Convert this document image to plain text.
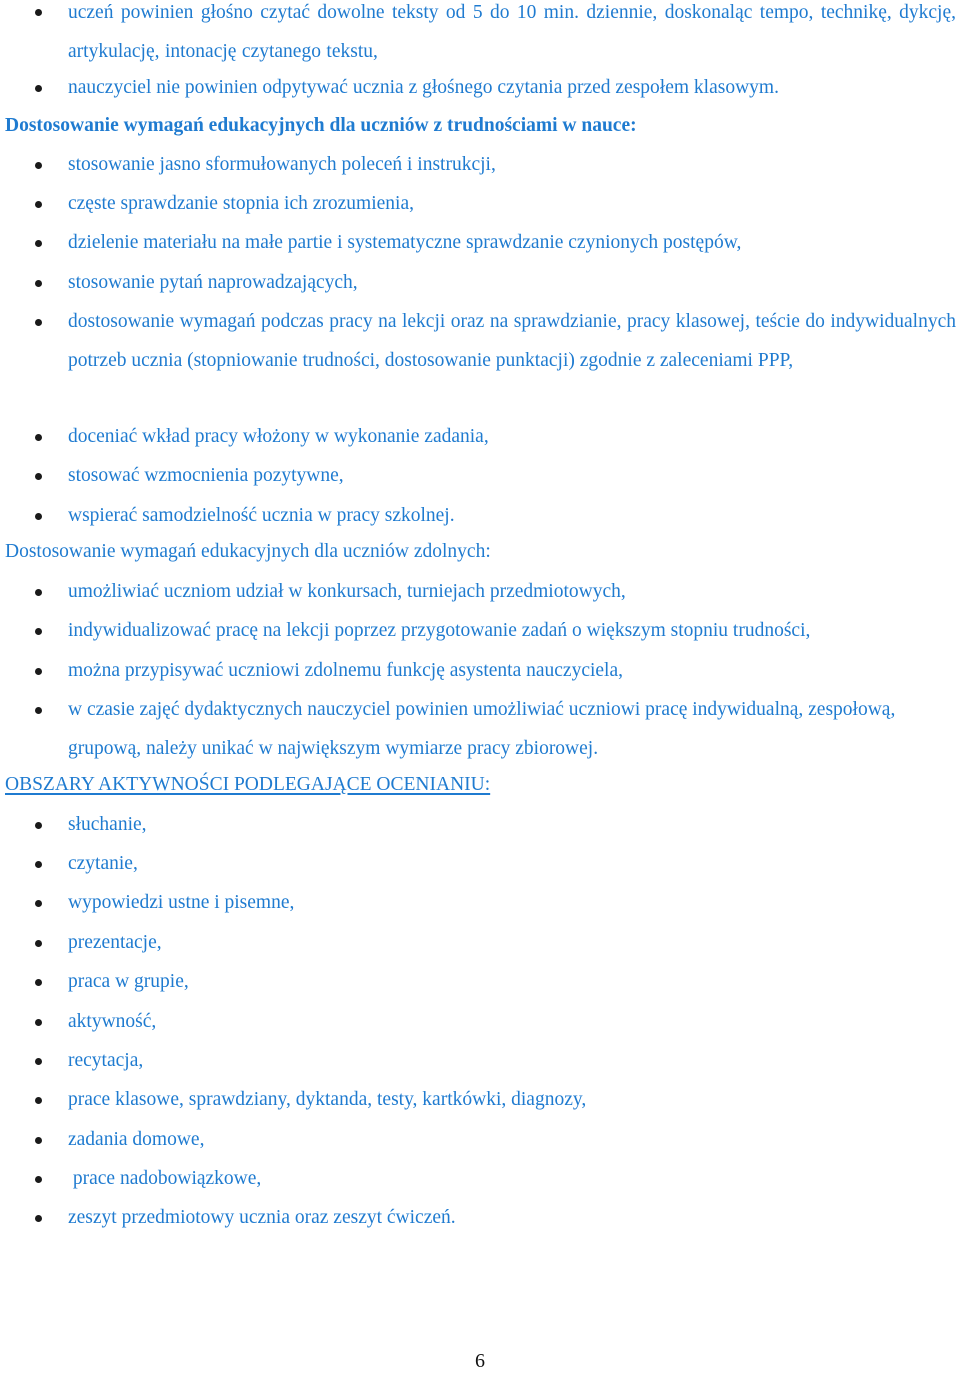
uczeń powinien głośno czytać dowolne teksty od 5 do 10 min. dziennie, doskonaląc tempo, technikę, dykcję, artykulację, intonację czytanego tekstu,
nauczyciel nie powinien odpytywać ucznia z głośnego czytania przed zespołem klasowym.
Dostosowanie wymagań edukacyjnych dla uczniów z trudnościami w nauce:
stosowanie jasno sformułowanych poleceń i instrukcji,
częste sprawdzanie stopnia ich zrozumienia,
dzielenie materiału na małe partie i systematyczne sprawdzanie czynionych postępów,
stosowanie pytań naprowadzających,
dostosowanie wymagań podczas pracy na lekcji oraz na sprawdzianie, pracy klasowej, teście do indywidualnych potrzeb ucznia (stopniowanie trudności, dostosowanie punktacji) zgodnie z zaleceniami PPP,
doceniać wkład pracy włożony w wykonanie zadania,
stosować wzmocnienia pozytywne,
wspierać samodzielność ucznia w pracy szkolnej.
Dostosowanie wymagań edukacyjnych dla uczniów zdolnych:
umożliwiać uczniom udział w konkursach, turniejach przedmiotowych,
indywidualizować pracę na lekcji poprzez przygotowanie zadań o większym stopniu trudności,
można przypisywać uczniowi zdolnemu funkcję asystenta nauczyciela,
w czasie zajęć dydaktycznych nauczyciel powinien umożliwiać uczniowi pracę indywidualną, zespołową, grupową, należy unikać w największym wymiarze pracy zbiorowej.
OBSZARY AKTYWNOŚCI PODLEGAJĄCE OCENIANIU:
słuchanie,
czytanie,
wypowiedzi ustne i pisemne,
prezentacje,
praca w grupie,
aktywność,
recytacja,
prace klasowe, sprawdziany, dyktanda, testy, kartkówki, diagnozy,
zadania domowe,
prace nadobowiązkowe,
zeszyt przedmiotowy ucznia oraz zeszyt ćwiczeń.
6
